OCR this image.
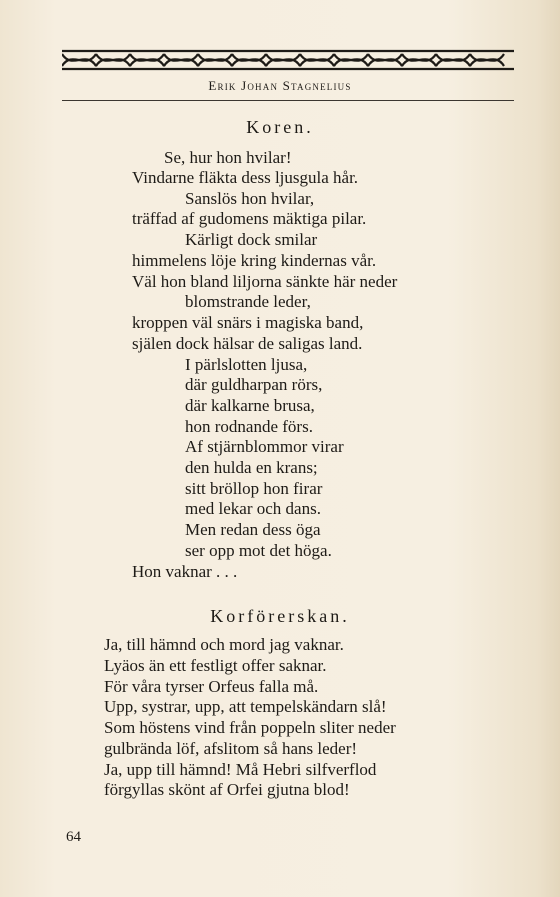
Erik Johan Stagnelius
Koren.
Se, hur hon hvilar!
Vindarne fläkta dess ljusgula hår.
Sanslös hon hvilar,
träffad af gudomens mäktiga pilar.
Kärligt dock smilar
himmelens löje kring kindernas vår.
Väl hon bland liljorna sänkte här neder
blomstrande leder,
kroppen väl snärs i magiska band,
själen dock hälsar de saligas land.
I pärlslotten ljusa,
där guldharpan rörs,
där kalkarne brusa,
hon rodnande förs.
Af stjärnblommor virar
den hulda en krans;
sitt bröllop hon firar
med lekar och dans.
Men redan dess öga
ser opp mot det höga.
Hon vaknar . . .
Korförerskan.
Ja, till hämnd och mord jag vaknar.
Lyäos än ett festligt offer saknar.
För våra tyrser Orfeus falla må.
Upp, systrar, upp, att tempelskändarn slå!
Som höstens vind från poppeln sliter neder
gulbrända löf, afslitom så hans leder!
Ja, upp till hämnd! Må Hebri silfverflod
förgyllas skönt af Orfei gjutna blod!
64
